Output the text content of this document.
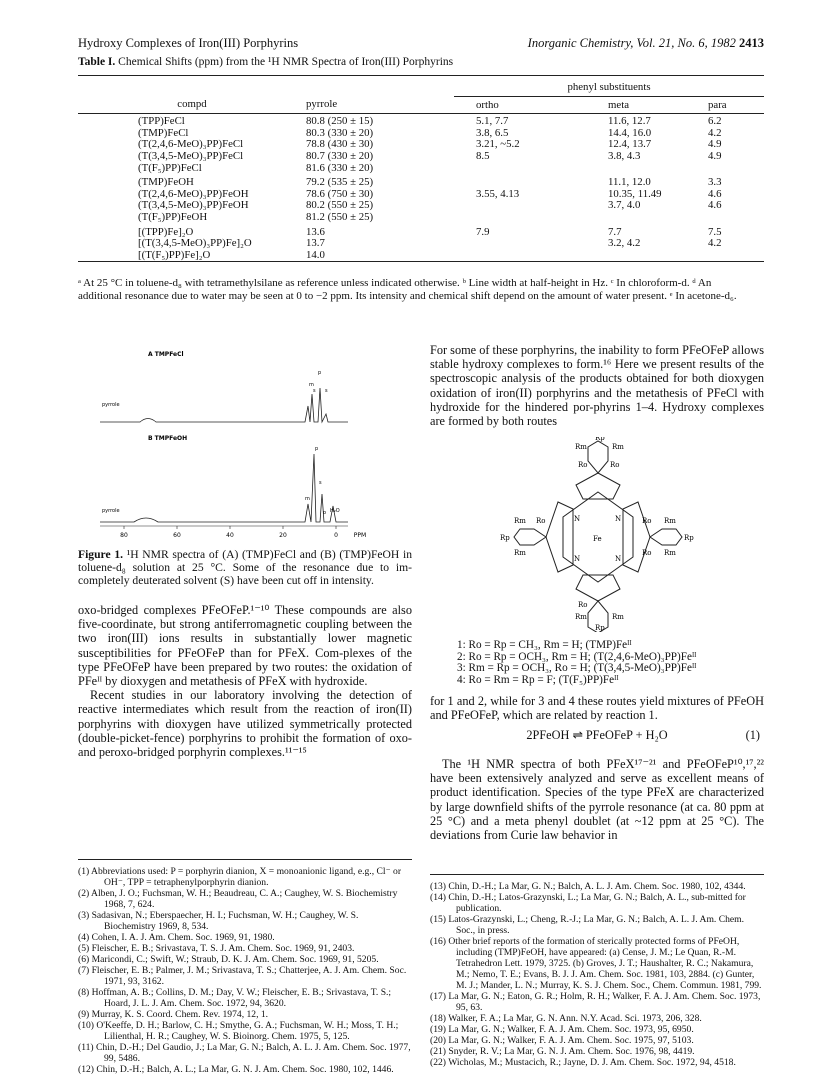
Hydroxy Complexes of Iron(III) Porphyrins	Inorganic Chemistry, Vol. 21, No. 6, 1982 2413
Table I. Chemical Shifts (ppm) from the ¹H NMR Spectra of Iron(III) Porphyrins

		phenyl substituents		
compd	pyrrole	ortho	meta	para

(TPP)FeCl	80.8 (250 ± 15)	5.1, 7.7	11.6, 12.7	6.2
(TMP)FeCl	80.3 (330 ± 20)	3.8, 6.5	14.4, 16.0	4.2
(T(2,4,6-MeO)₃PP)FeCl	78.8 (430 ± 30)	3.21, ~5.2	12.4, 13.7	4.9
(T(3,4,5-MeO)₃PP)FeCl	80.7 (330 ± 20)	8.5	3.8, 4.3	4.9
(T(F₅)PP)FeCl	81.6 (330 ± 20)			
(TMP)FeOH	79.2 (535 ± 25)		11.1, 12.0	3.3
(T(2,4,6-MeO)₃PP)FeOH	78.6 (750 ± 30)	3.55, 4.13	10.35, 11.49	4.6
(T(3,4,5-MeO)₃PP)FeOH	80.2 (550 ± 25)		3.7, 4.0	4.6
(T(F₅)PP)FeOH	81.2 (550 ± 25)			
[(TPP)Fe]₂O	13.6	7.9	7.7	7.5
[(T(3,4,5-MeO)₃PP)Fe]₂O	13.7		3.2, 4.2	4.2
[(T(F₅)PP)Fe]₂O	14.0			

ᵃ At 25 °C in toluene-d₈ with tetramethylsilane as reference unless indicated otherwise. ᵇ Line width at half-height in Hz. ᶜ In chloroform-d. ᵈ An additional resonance due to water may be seen at 0 to −2 ppm. Its intensity and chemical shift depend on the amount of water present. ᵉ In acetone-d₆.
A TMPFeCl
pyrrole
m
p
s s
B TMPFeOH
pyrrole
p
s
m
o H₂O
80	60	40	20	0	PPM
Figure 1. ¹H NMR spectra of (A) (TMP)FeCl and (B) (TMP)FeOH in toluene-d₈ solution at 25 °C. Some of the resonance due to im-completely deuterated solvent (S) have been cut off in intensity.
oxo-bridged complexes PFeOFeP.¹⁻¹⁰ These compounds are also five-coordinate, but strong antiferromagnetic coupling between the two iron(III) ions results in substantially lower magnetic susceptibilities for PFeOFeP than for PFeX. Com-plexes of the type PFeOFeP have been prepared by two routes: the oxidation of PFeᴵᴵ by dioxygen and metathesis of PFeX with hydroxide.
Recent studies in our laboratory involving the detection of reactive intermediates which result from the reaction of iron(II) porphyrins with dioxygen have utilized symmetrically protected (double-picket-fence) porphyrins to prohibit the formation of oxo- and peroxo-bridged porphyrin complexes.¹¹⁻¹⁵
(1) Abbreviations used: P = porphyrin dianion, X = monoanionic ligand, e.g., Cl⁻ or OH⁻, TPP = tetraphenylporphyrin dianion.
(2) Alben, J. O.; Fuchsman, W. H.; Beaudreau, C. A.; Caughey, W. S. Biochemistry 1968, 7, 624.
(3) Sadasivan, N.; Eberspaecher, H. I.; Fuchsman, W. H.; Caughey, W. S. Biochemistry 1969, 8, 534.
(4) Cohen, I. A. J. Am. Chem. Soc. 1969, 91, 1980.
(5) Fleischer, E. B.; Srivastava, T. S. J. Am. Chem. Soc. 1969, 91, 2403.
(6) Maricondi, C.; Swift, W.; Straub, D. K. J. Am. Chem. Soc. 1969, 91, 5205.
(7) Fleischer, E. B.; Palmer, J. M.; Srivastava, T. S.; Chatterjee, A. J. Am. Chem. Soc. 1971, 93, 3162.
(8) Hoffman, A. B.; Collins, D. M.; Day, V. W.; Fleischer, E. B.; Srivastava, T. S.; Hoard, J. L. J. Am. Chem. Soc. 1972, 94, 3620.
(9) Murray, K. S. Coord. Chem. Rev. 1974, 12, 1.
(10) O'Keeffe, D. H.; Barlow, C. H.; Smythe, G. A.; Fuchsman, W. H.; Moss, T. H.; Lilienthal, H. R.; Caughey, W. S. Bioinorg. Chem. 1975, 5, 125.
(11) Chin, D.-H.; Del Gaudio, J.; La Mar, G. N.; Balch, A. L. J. Am. Chem. Soc. 1977, 99, 5486.
(12) Chin, D.-H.; Balch, A. L.; La Mar, G. N. J. Am. Chem. Soc. 1980, 102, 1446.
For some of these porphyrins, the inability to form PFeOFeP allows stable hydroxy complexes to form.¹⁶ Here we present results of the spectroscopic analysis of the products obtained for both dioxygen oxidation of iron(II) porphyrins and the metathesis of PFeCl with hydroxide for the hindered por-phyrins 1–4. Hydroxy complexes are formed by both routes
Fe
N	N
N	N
Rp
Rm
Ro
Rm
Ro
Rm
Rp
Rm
Ro	Rm
Ro
Rp
Rm
Ro
Rm
Ro
Rm
Rp
1: Ro = Rp = CH₃, Rm = H; (TMP)Feᴵᴵ
2: Ro = Rp = OCH₃, Rm = H; (T(2,4,6-MeO)₃PP)Feᴵᴵ
3: Rm = Rp = OCH₃, Ro = H; (T(3,4,5-MeO)₃PP)Feᴵᴵ
4: Ro = Rm = Rp = F; (T(F₅)PP)Feᴵᴵ
for 1 and 2, while for 3 and 4 these routes yield mixtures of PFeOH and PFeOFeP, which are related by reaction 1.
2PFeOH ⇌ PFeOFeP + H₂O	(1)
The ¹H NMR spectra of both PFeX¹⁷⁻²¹ and PFeOFeP¹⁰,¹⁷,²² have been extensively analyzed and serve as excellent means of product identification. Species of the type PFeX are characterized by large downfield shifts of the pyrrole resonance (at ca. 80 ppm at 25 °C) and a meta phenyl doublet (at ~12 ppm at 25 °C). The deviations from Curie law behavior in
(13) Chin, D.-H.; La Mar, G. N.; Balch, A. L. J. Am. Chem. Soc. 1980, 102, 4344.
(14) Chin, D.-H.; Latos-Grazynski, L.; La Mar, G. N.; Balch, A. L., sub-mitted for publication.
(15) Latos-Grazynski, L.; Cheng, R.-J.; La Mar, G. N.; Balch, A. L. J. Am. Chem. Soc., in press.
(16) Other brief reports of the formation of sterically protected forms of PFeOH, including (TMP)FeOH, have appeared: (a) Cense, J. M.; Le Quan, R.-M. Tetrahedron Lett. 1979, 3725. (b) Groves, J. T.; Haushalter, R. C.; Nakamura, M.; Nemo, T. E.; Evans, B. J. J. Am. Chem. Soc. 1981, 103, 2884. (c) Gunter, M. J.; Mander, L. N.; Murray, K. S. J. Chem. Soc., Chem. Commun. 1981, 799.
(17) La Mar, G. N.; Eaton, G. R.; Holm, R. H.; Walker, F. A. J. Am. Chem. Soc. 1973, 95, 63.
(18) Walker, F. A.; La Mar, G. N. Ann. N.Y. Acad. Sci. 1973, 206, 328.
(19) La Mar, G. N.; Walker, F. A. J. Am. Chem. Soc. 1973, 95, 6950.
(20) La Mar, G. N.; Walker, F. A. J. Am. Chem. Soc. 1975, 97, 5103.
(21) Snyder, R. V.; La Mar, G. N. J. Am. Chem. Soc. 1976, 98, 4419.
(22) Wicholas, M.; Mustacich, R.; Jayne, D. J. Am. Chem. Soc. 1972, 94, 4518.
